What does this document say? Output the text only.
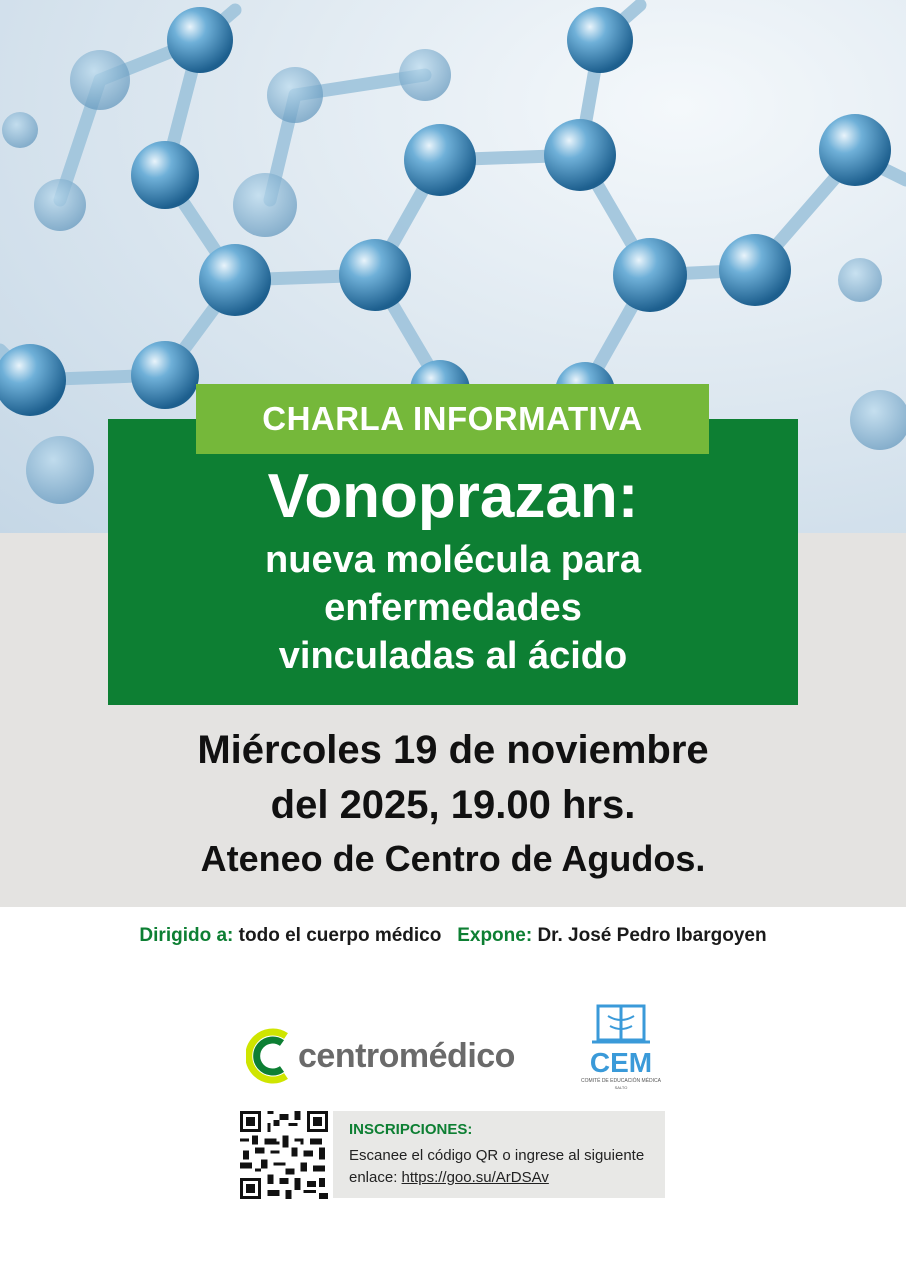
CHARLA INFORMATIVA
Vonoprazan:
nueva molécula para
enfermedades
vinculadas al ácido
Miércoles 19 de noviembre
del 2025, 19.00 hrs.
Ateneo de Centro de Agudos.
Dirigido a: todo el cuerpo médico Expone: Dr. José Pedro Ibargoyen
centromédico	CEM
COMITÉ DE EDUCACIÓN MÉDICA
SALTO
INSCRIPCIONES:
Escanee el código QR o ingrese al siguiente enlace: https://goo.su/ArDSAv
